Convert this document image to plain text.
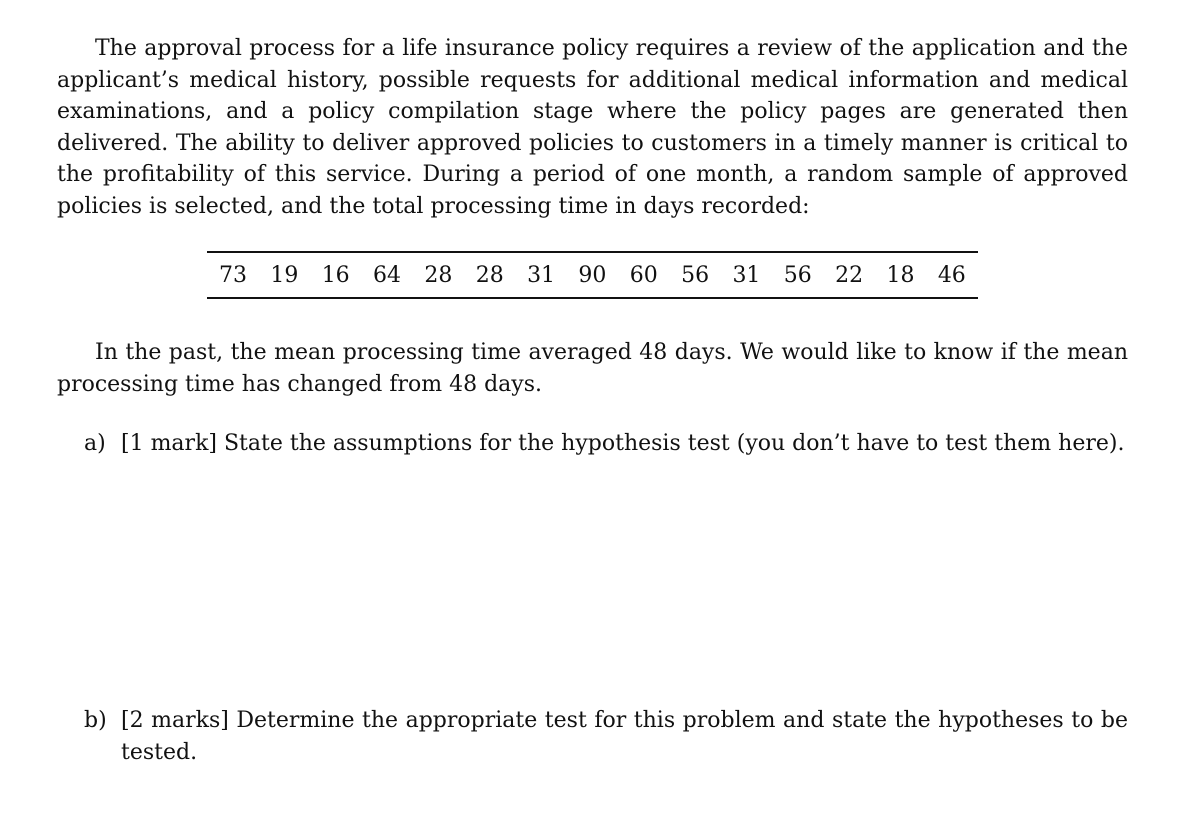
The approval process for a life insurance policy requires a review of the application and the applicant’s medical history, possible requests for additional medical information and medical examinations, and a policy compilation stage where the policy pages are generated then delivered. The ability to deliver approved policies to customers in a timely manner is critical to the profitability of this service. During a period of one month, a random sample of approved policies is selected, and the total processing time in days recorded:

73 19 16 64 28 28 31 90 60 56 31 56 22 18 46

In the past, the mean processing time averaged 48 days. We would like to know if the mean processing time has changed from 48 days.

a) [1 mark] State the assumptions for the hypothesis test (you don’t have to test them here).
b) [2 marks] Determine the appropriate test for this problem and state the hypotheses to be tested.
